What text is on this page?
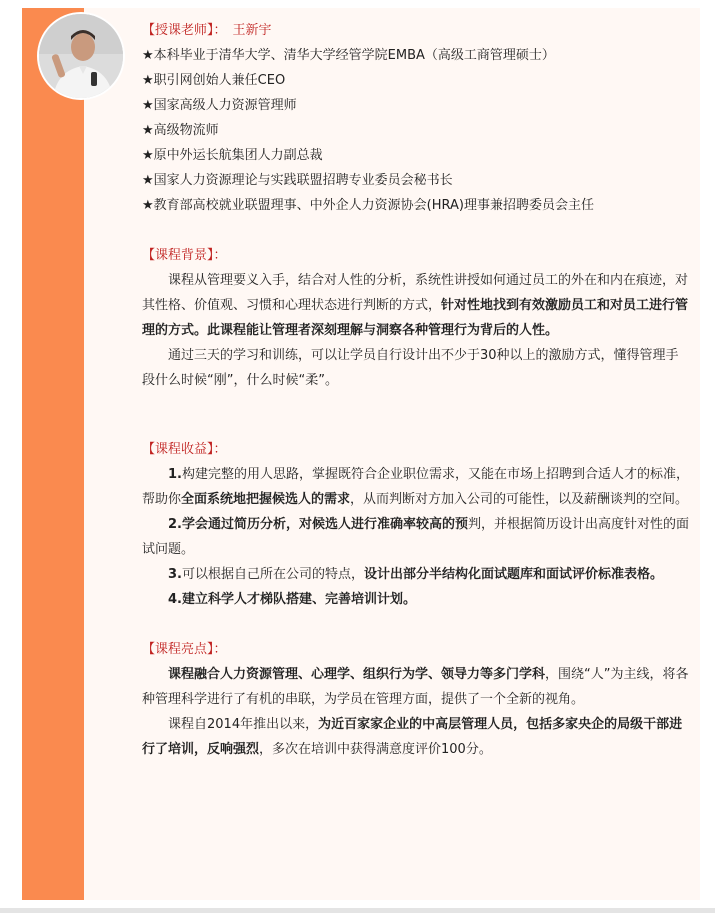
【授课老师】： 王新宇

★本科毕业于清华大学、清华大学经管学院EMBA（高级工商管理硕士）

★职引网创始人兼任CEO

★国家高级人力资源管理师

★高级物流师

★原中外运长航集团人力副总裁

★国家人力资源理论与实践联盟招聘专业委员会秘书长

★教育部高校就业联盟理事、中外企人力资源协会(HRA)理事兼招聘委员会主任

【课程背景】：

课程从管理要义入手，结合对人性的分析，系统性讲授如何通过员工的外在和内在痕迹，对其性格、价值观、习惯和心理状态进行判断的方式，针对性地找到有效激励员工和对员工进行管理的方式。此课程能让管理者深刻理解与洞察各种管理行为背后的人性。

通过三天的学习和训练，可以让学员自行设计出不少于30种以上的激励方式，懂得管理手段什么时候“刚”，什么时候“柔”。

【课程收益】：

1.构建完整的用人思路，掌握既符合企业职位需求，又能在市场上招聘到合适人才的标准，帮助你全面系统地把握候选人的需求，从而判断对方加入公司的可能性，以及薪酬谈判的空间。

2.学会通过简历分析，对候选人进行准确率较高的预判，并根据简历设计出高度针对性的面试问题。

3.可以根据自己所在公司的特点，设计出部分半结构化面试题库和面试评价标准表格。

4.建立科学人才梯队搭建、完善培训计划。

【课程亮点】：

课程融合人力资源管理、心理学、组织行为学、领导力等多门学科，围绕“人”为主线，将各种管理科学进行了有机的串联，为学员在管理方面，提供了一个全新的视角。

课程自2014年推出以来，为近百家家企业的中高层管理人员，包括多家央企的局级干部进行了培训，反响强烈，多次在培训中获得满意度评价100分。
